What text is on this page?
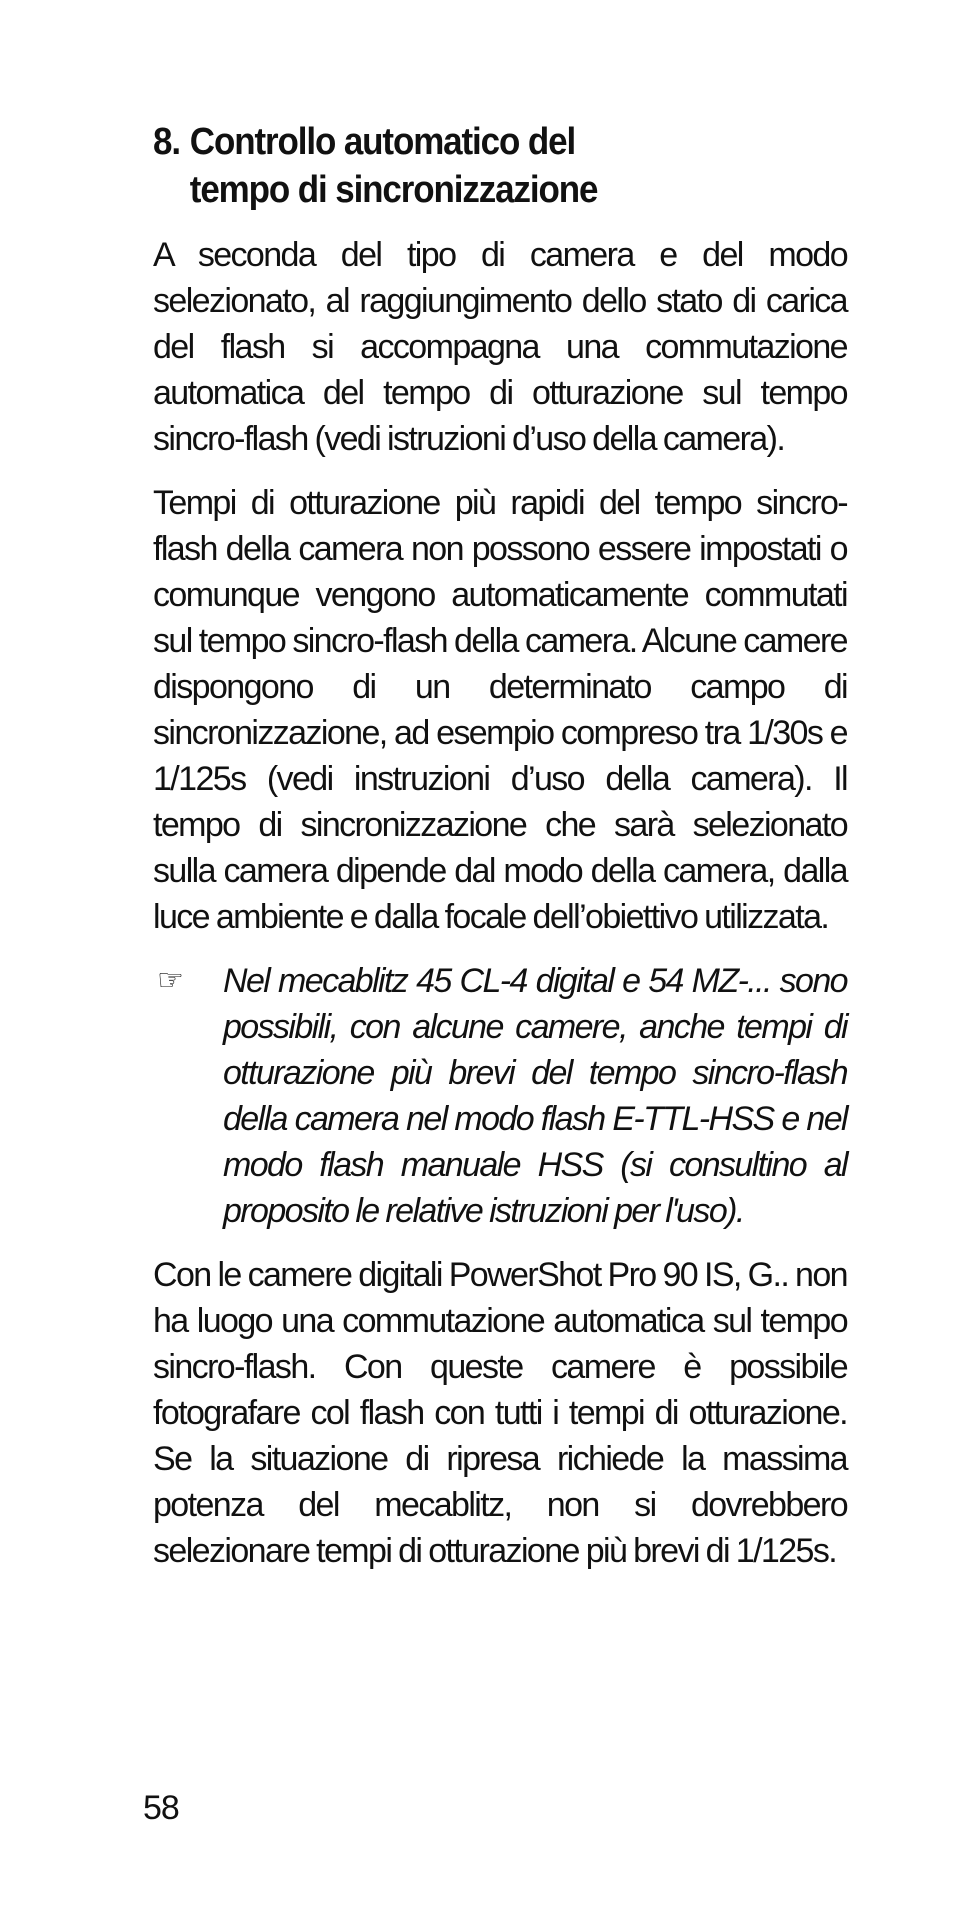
8. Controllo automatico del
tempo di sincronizzazione

A seconda del tipo di camera e del modo selezionato, al raggiungimento dello stato di carica del flash si accompagna una commutazione automatica del tempo di otturazione sul tempo sincro-flash (vedi istruzioni d’uso della camera).

Tempi di otturazione più rapidi del tempo sincro-flash della camera non possono essere impostati o comunque vengono automaticamente commutati sul tempo sincro-flash della camera. Alcune camere dispongono di un determinato campo di sincronizzazione, ad esempio compreso tra 1/30s e 1/125s (vedi instruzioni d’uso della camera). Il tempo di sincronizzazione che sarà selezionato sulla camera dipende dal modo della camera, dalla luce ambiente e dalla focale dell’obiettivo utilizzata.

☞	Nel mecablitz 45 CL-4 digital e 54 MZ-... sono possibili, con alcune camere, anche tempi di otturazione più brevi del tempo sincro-flash della camera nel modo flash E-TTL-HSS e nel modo flash manuale HSS (si consultino al proposito le relative istruzioni per l'uso).

Con le camere digitali PowerShot Pro 90 IS, G.. non ha luogo una commutazione automatica sul tempo sincro-flash. Con queste camere è possibile fotografare col flash con tutti i tempi di otturazione. Se la situazione di ripresa richiede la massima potenza del mecablitz, non si dovrebbero selezionare tempi di otturazione più brevi di 1/125s.

58
